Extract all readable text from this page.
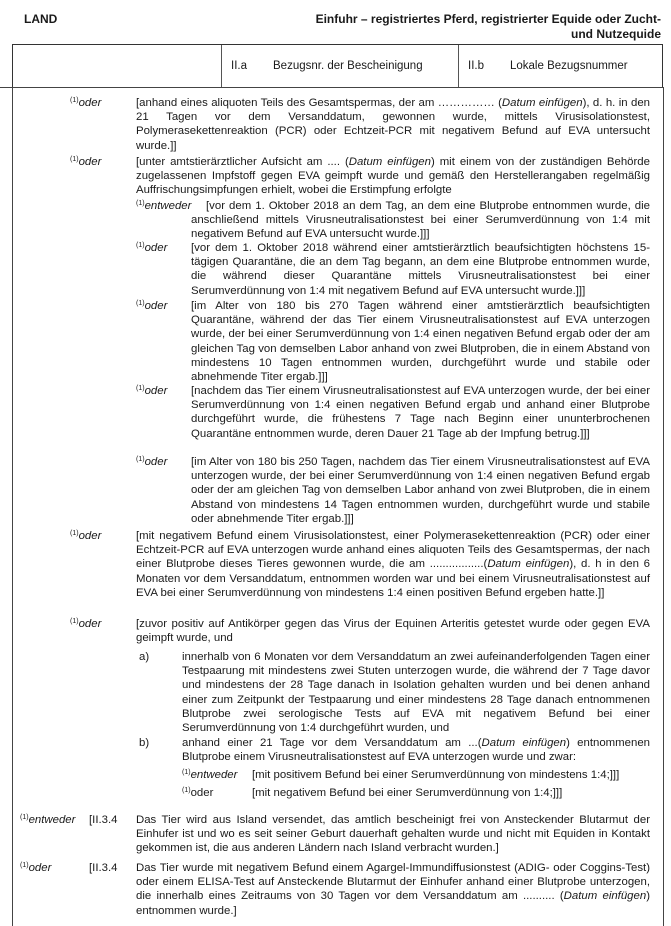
LAND	Einfuhr – registriertes Pferd, registrierter Equide oder Zucht- und Nutzequide
II.a	Bezugsnr. der Bescheinigung	II.b	Lokale Bezugsnummer
$^{(1)}$oder	[anhand eines aliquoten Teils des Gesamtspermas, der am …………… (Datum einfügen), d. h. in den 21 Tagen vor dem Versanddatum, gewonnen wurde, mittels Virusisolationstest, Polymerasekettenreaktion (PCR) oder Echtzeit-PCR mit negativem Befund auf EVA untersucht wurde.]]
$^{(1)}$oder	[unter amtstierärztlicher Aufsicht am .... (Datum einfügen) mit einem von der zuständigen Behörde zugelassenen Impfstoff gegen EVA geimpft wurde und gemäß den Herstellerangaben regelmäßig Auffrischungsimpfungen erhielt, wobei die Erstimpfung erfolgte
$^{(1)}$entweder	[vor dem 1. Oktober 2018 an dem Tag, an dem eine Blutprobe entnommen wurde, die anschließend mittels Virusneutralisationstest bei einer Serumverdünnung von 1:4 mit negativem Befund auf EVA untersucht wurde.]]]
$^{(1)}$oder [vor dem 1. Oktober 2018 während einer amtstierärztlich beaufsichtigten höchstens 15-tägigen Quarantäne, die an dem Tag begann, an dem eine Blutprobe entnommen wurde, die während dieser Quarantäne mittels Virusneutralisationstest bei einer Serumverdünnung von 1:4 mit negativem Befund auf EVA untersucht wurde.]]]
$^{(1)}$oder [im Alter von 180 bis 270 Tagen während einer amtstierärztlich beaufsichtigten Quarantäne, während der das Tier einem Virusneutralisationstest auf EVA unterzogen wurde, der bei einer Serumverdünnung von 1:4 einen negativen Befund ergab oder der am gleichen Tag von demselben Labor anhand von zwei Blutproben, die in einem Abstand von mindestens 10 Tagen entnommen wurden, durchgeführt wurde und stabile oder abnehmende Titer ergab.]]]
$^{(1)}$oder [nachdem das Tier einem Virusneutralisationstest auf EVA unterzogen wurde, der bei einer Serumverdünnung von 1:4 einen negativen Befund ergab und anhand einer Blutprobe durchgeführt wurde, die frühestens 7 Tage nach Beginn einer ununterbrochenen Quarantäne entnommen wurde, deren Dauer 21 Tage ab der Impfung betrug.]]]
$^{(1)}$oder [im Alter von 180 bis 250 Tagen, nachdem das Tier einem Virusneutralisationstest auf EVA unterzogen wurde, der bei einer Serumverdünnung von 1:4 einen negativen Befund ergab oder der am gleichen Tag von demselben Labor anhand von zwei Blutproben, die in einem Abstand von mindestens 14 Tagen entnommen wurden, durchgeführt wurde und stabile oder abnehmende Titer ergab.]]]
$^{(1)}$oder	[mit negativem Befund einem Virusisolationstest, einer Polymerasekettenreaktion (PCR) oder einer Echtzeit-PCR auf EVA unterzogen wurde anhand eines aliquoten Teils des Gesamtspermas, der nach einer Blutprobe dieses Tieres gewonnen wurde, die am .................(Datum einfügen), d. h in den 6 Monaten vor dem Versanddatum, entnommen worden war und bei einem Virusneutralisationstest auf EVA bei einer Serumverdünnung von mindestens 1:4 einen positiven Befund ergeben hatte.]]
$^{(1)}$oder	[zuvor positiv auf Antikörper gegen das Virus der Equinen Arteritis getestet wurde oder gegen EVA geimpft wurde, und
a)	innerhalb von 6 Monaten vor dem Versanddatum an zwei aufeinanderfolgenden Tagen einer Testpaarung mit mindestens zwei Stuten unterzogen wurde, die während der 7 Tage davor und mindestens der 28 Tage danach in Isolation gehalten wurden und bei denen anhand einer zum Zeitpunkt der Testpaarung und einer mindestens 28 Tage danach entnommenen Blutprobe zwei serologische Tests auf EVA mit negativem Befund bei einer Serumverdünnung von 1:4 durchgeführt wurden, und
b)	anhand einer 21 Tage vor dem Versanddatum am ...(Datum einfügen) entnommenen Blutprobe einem Virusneutralisationstest auf EVA unterzogen wurde und zwar:
$^{(1)}$entweder [mit positivem Befund bei einer Serumverdünnung von mindestens 1:4;]]]
$^{(1)}$oder	[mit negativem Befund bei einer Serumverdünnung von 1:4;]]]
$^{(1)}$entweder [II.3.4 Das Tier wird aus Island versendet, das amtlich bescheinigt frei von Ansteckender Blutarmut der Einhufer ist und wo es seit seiner Geburt dauerhaft gehalten wurde und nicht mit Equiden in Kontakt gekommen ist, die aus anderen Ländern nach Island verbracht wurden.]
$^{(1)}$oder	[II.3.4 Das Tier wurde mit negativem Befund einem Agargel-Immundiffusionstest (ADIG- oder Coggins-Test) oder einem ELISA-Test auf Ansteckende Blutarmut der Einhufer anhand einer Blutprobe unterzogen, die innerhalb eines Zeitraums von 30 Tagen vor dem Versanddatum am .......... (Datum einfügen) entnommen wurde.]
